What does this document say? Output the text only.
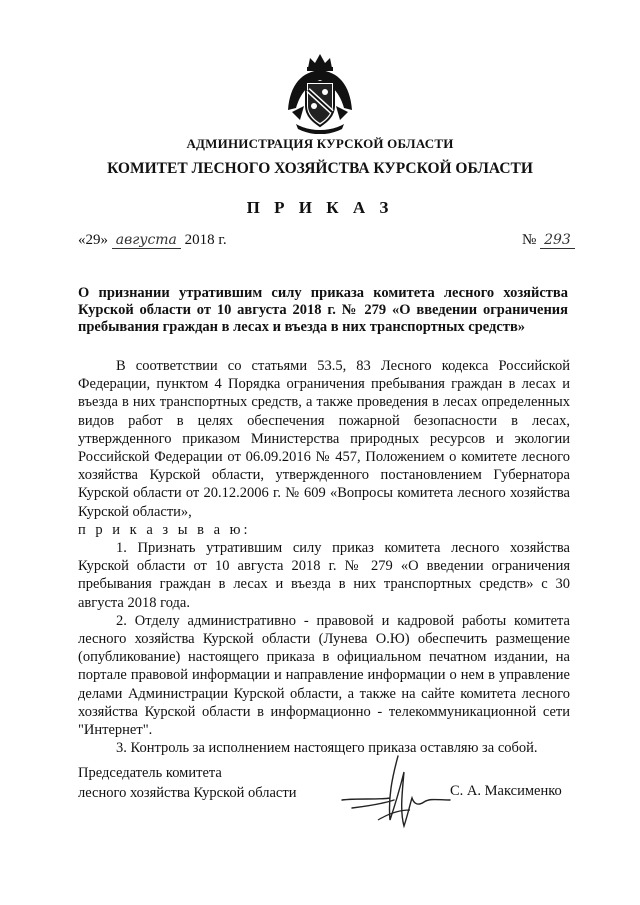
АДМИНИСТРАЦИЯ КУРСКОЙ ОБЛАСТИ
КОМИТЕТ ЛЕСНОГО ХОЗЯЙСТВА КУРСКОЙ ОБЛАСТИ
П Р И К А З
«29» августа 2018 г.	№ 293
О признании утратившим силу приказа комитета лесного хозяйства Курской области от 10 августа 2018 г. № 279 «О введении ограничения пребывания граждан в лесах и въезда в них транспортных средств»

В соответствии со статьями 53.5, 83 Лесного кодекса Российской Федерации, пунктом 4 Порядка ограничения пребывания граждан в лесах и въезда в них транспортных средств, а также проведения в лесах определенных видов работ в целях обеспечения пожарной безопасности в лесах, утвержденного приказом Министерства природных ресурсов и экологии Российской Федерации от 06.09.2016 № 457, Положением о комитете лесного хозяйства Курской области, утвержденного постановлением Губернатора Курской области от 20.12.2006 г. № 609 «Вопросы комитета лесного хозяйства Курской области»,

п р и к а з ы в а ю:

1. Признать утратившим силу приказ комитета лесного хозяйства Курской области от 10 августа 2018 г. № 279 «О введении ограничения пребывания граждан в лесах и въезда в них транспортных средств» с 30 августа 2018 года.

2. Отделу административно - правовой и кадровой работы комитета лесного хозяйства Курской области (Лунева О.Ю) обеспечить размещение (опубликование) настоящего приказа в официальном печатном издании, на портале правовой информации и направление информации о нем в управление делами Администрации Курской области, а также на сайте комитета лесного хозяйства Курской области в информационно - телекоммуникационной сети "Интернет".

3. Контроль за исполнением настоящего приказа оставляю за собой.

Председатель комитета
лесного хозяйства Курской области	С. А. Максименко
